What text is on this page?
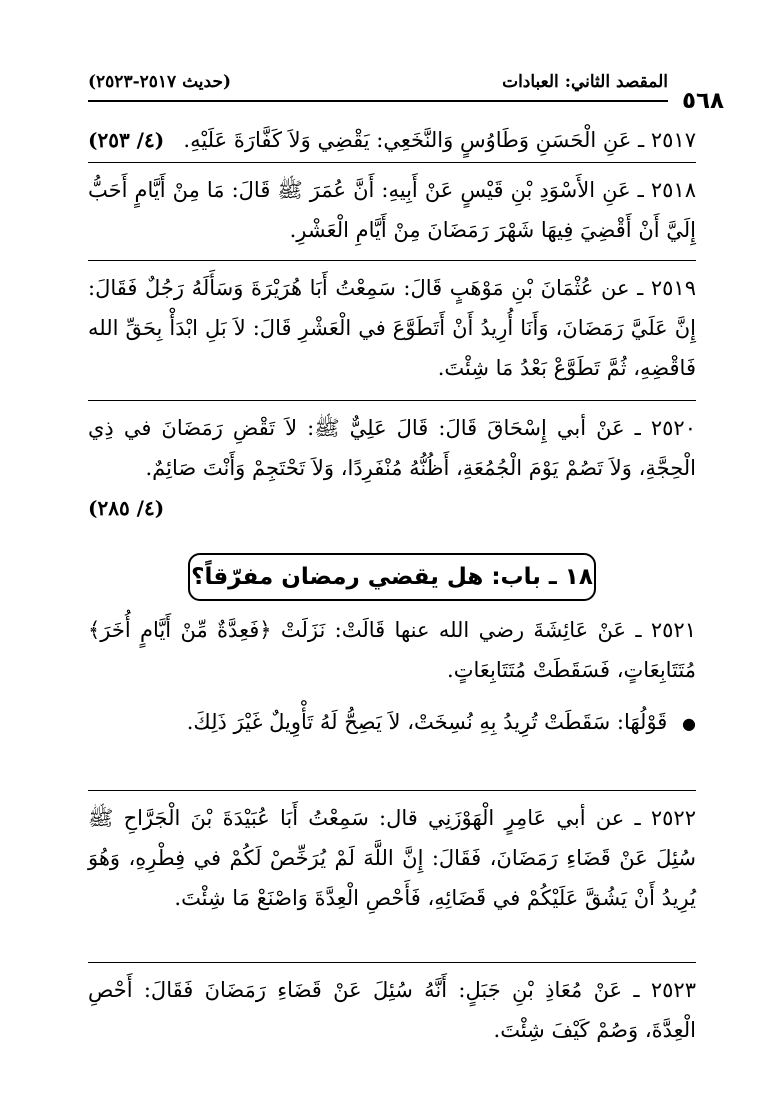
المقصد الثاني: العبادات
(حديث ٢٥١٧-٢٥٢٣)
٥٦٨
(٤/ ٢٥٣) ٢٥١٧ ـ عَنِ الْحَسَنِ وَطَاوُسٍ وَالنَّخَعِي: يَقْضِي وَلاَ كَفَّارَةَ عَلَيْهِ.
٢٥١٨ ـ عَنِ الأَسْوَدِ بْنِ قَيْسٍ عَنْ أَبِيهِ: أَنَّ عُمَرَ ﷺ قَالَ: مَا مِنْ أَيَّامٍ أَحَبُّ إِلَيَّ أَنْ أَقْضِيَ فِيهَا شَهْرَ رَمَضَانَ مِنْ أَيَّامِ الْعَشْرِ.
٢٥١٩ ـ عن عُثْمَانَ بْنِ مَوْهَبٍ قَالَ: سَمِعْتُ أَبَا هُرَيْرَةَ وَسَأَلَهُ رَجُلٌ فَقَالَ: إِنَّ عَلَيَّ رَمَضَانَ، وَأَنَا أُرِيدُ أَنْ أَتَطَوَّعَ في الْعَشْرِ قَالَ: لاَ بَلِ ابْدَأْ بِحَقِّ الله فَاقْضِهِ، ثُمَّ تَطَوَّعْ بَعْدُ مَا شِئْتَ.
٢٥٢٠ ـ عَنْ أبي إِسْحَاقَ قَالَ: قَالَ عَلِيٌّ ﷺ: لاَ تَقْضِ رَمَضَانَ في ذِي الْحِجَّةِ، وَلاَ تَصُمْ يَوْمَ الْجُمُعَةِ، أَظُنُّهُ مُنْفَرِدًا، وَلاَ تَحْتَجِمْ وَأَنْتَ صَائِمٌ.

(٤/ ٢٨٥)
١٨ ـ باب: هل يقضي رمضان مفرّقاً؟
٢٥٢١ ـ عَنْ عَائِشَةَ رضي الله عنها قَالَتْ: نَزَلَتْ ﴿فَعِدَّةٌ مِّنْ أَيَّامٍ أُخَرَ﴾ مُتَتَابِعَاتٍ، فَسَقَطَتْ مُتَتَابِعَاتٍ.
● قَوْلُهَا: سَقَطَتْ تُرِيدُ بِهِ نُسِخَتْ، لاَ يَصِحُّ لَهُ تَأْوِيلٌ غَيْرَ ذَلِكَ.
٢٥٢٢ ـ عن أبي عَامِرٍ الْهَوْزَنِي قال: سَمِعْتُ أَبَا عُبَيْدَةَ بْنَ الْجَرَّاحِ ﷺ سُئِلَ عَنْ قَضَاءِ رَمَضَانَ، فَقَالَ: إِنَّ اللَّهَ لَمْ يُرَخِّصْ لَكُمْ في فِطْرِهِ، وَهُوَ يُرِيدُ أَنْ يَشُقَّ عَلَيْكُمْ في قَضَائِهِ، فَأَحْصِ الْعِدَّةَ وَاصْنَعْ مَا شِئْتَ.
٢٥٢٣ ـ عَنْ مُعَاذِ بْنِ جَبَلٍ: أَنَّهُ سُئِلَ عَنْ قَضَاءِ رَمَضَانَ فَقَالَ: أَحْصِ الْعِدَّةَ، وَصُمْ كَيْفَ شِئْتَ.
